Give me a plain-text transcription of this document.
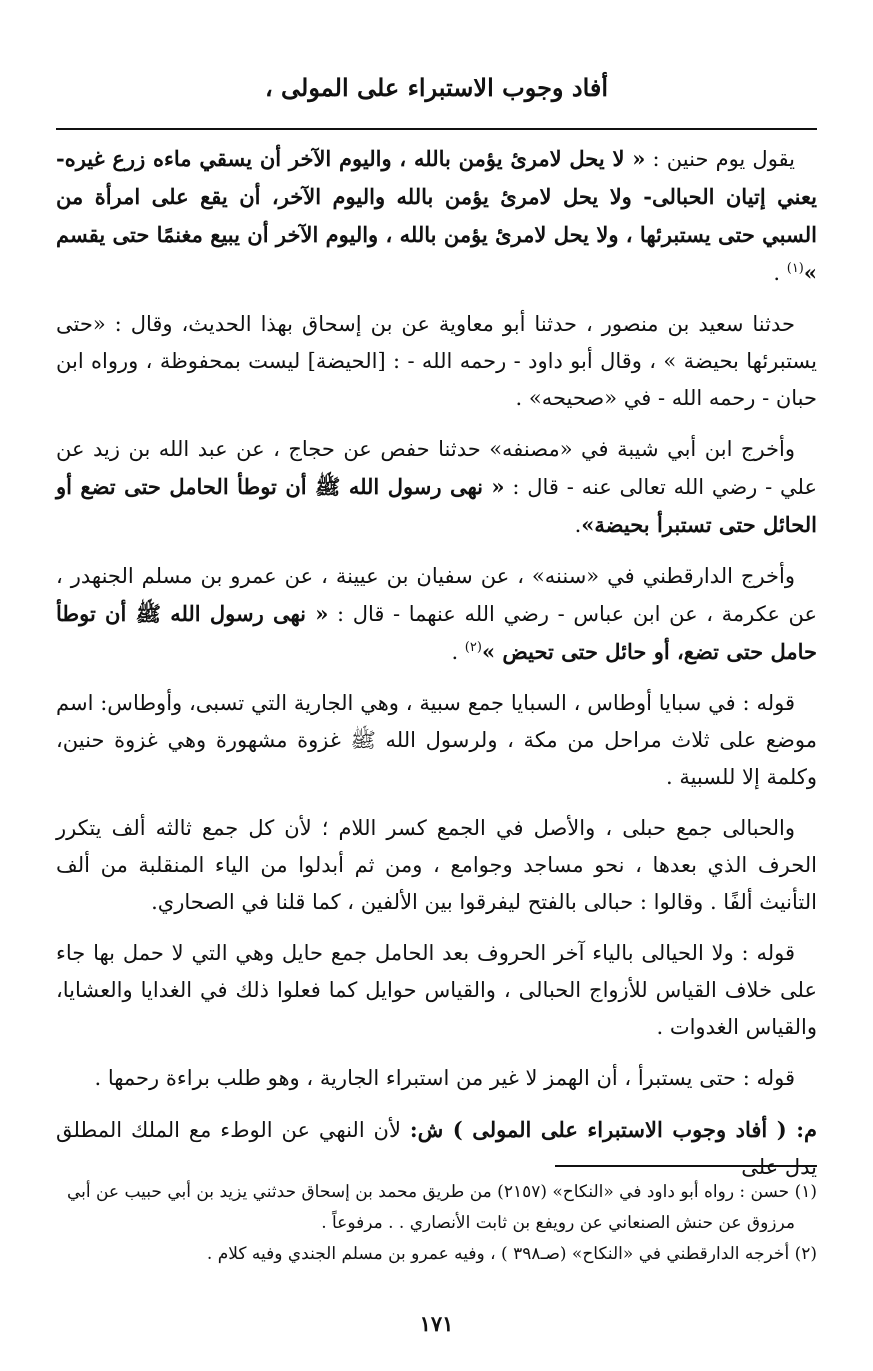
أفاد وجوب الاستبراء على المولى ،

يقول يوم حنين : « لا يحل لامرئ يؤمن بالله ، واليوم الآخر أن يسقي ماءه زرع غيره- يعني إتيان الحبالى- ولا يحل لامرئ يؤمن بالله واليوم الآخر، أن يقع على امرأة من السبي حتى يستبرئها ، ولا يحل لامرئ يؤمن بالله ، واليوم الآخر أن يبيع مغنمًا حتى يقسم »$^{(١)}$ .

حدثنا سعيد بن منصور ، حدثنا أبو معاوية عن بن إسحاق بهذا الحديث، وقال : «حتى يستبرئها بحيضة » ، وقال أبو داود - رحمه الله - : [الحيضة] ليست بمحفوظة ، ورواه ابن حبان - رحمه الله - في «صحيحه» .

وأخرج ابن أبي شيبة في «مصنفه» حدثنا حفص عن حجاج ، عن عبد الله بن زيد عن علي - رضي الله تعالى عنه - قال : « نهى رسول الله ﷺ أن توطأ الحامل حتى تضع أو الحائل حتى تستبرأ بحيضة».

وأخرج الدارقطني في «سننه» ، عن سفيان بن عيينة ، عن عمرو بن مسلم الجنهدر ، عن عكرمة ، عن ابن عباس - رضي الله عنهما - قال : « نهى رسول الله ﷺ أن توطأ حامل حتى تضع، أو حائل حتى تحيض »$^{(٢)}$ .

قوله : في سبايا أوطاس ، السبايا جمع سبية ، وهي الجارية التي تسبى، وأوطاس: اسم موضع على ثلاث مراحل من مكة ، ولرسول الله ﷺ غزوة مشهورة وهي غزوة حنين، وكلمة إلا للسبية .

والحبالى جمع حبلى ، والأصل في الجمع كسر اللام ؛ لأن كل جمع ثالثه ألف يتكرر الحرف الذي بعدها ، نحو مساجد وجوامع ، ومن ثم أبدلوا من الياء المنقلبة من ألف التأنيث ألفًا . وقالوا : حبالى بالفتح ليفرقوا بين الألفين ، كما قلنا في الصحاري.

قوله : ولا الحيالى بالياء آخر الحروف بعد الحامل جمع حايل وهي التي لا حمل بها جاء على خلاف القياس للأزواج الحبالى ، والقياس حوايل كما فعلوا ذلك في الغدايا والعشايا، والقياس الغدوات .

قوله : حتى يستبرأ ، أن الهمز لا غير من استبراء الجارية ، وهو طلب براءة رحمها .

م: ( أفاد وجوب الاستبراء على المولى ) ش: لأن النهي عن الوطء مع الملك المطلق يدل على

(١) حسن : رواه أبو داود في «النكاح» (٢١٥٧) من طريق محمد بن إسحاق حدثني يزيد بن أبي حبيب عن أبي
مرزوق عن حنش الصنعاني عن رويفع بن ثابت الأنصاري . . مرفوعاً .

(٢) أخرجه الدارقطني في «النكاح» (صـ٣٩٨ ) ، وفيه عمرو بن مسلم الجندي وفيه كلام .

١٧١
